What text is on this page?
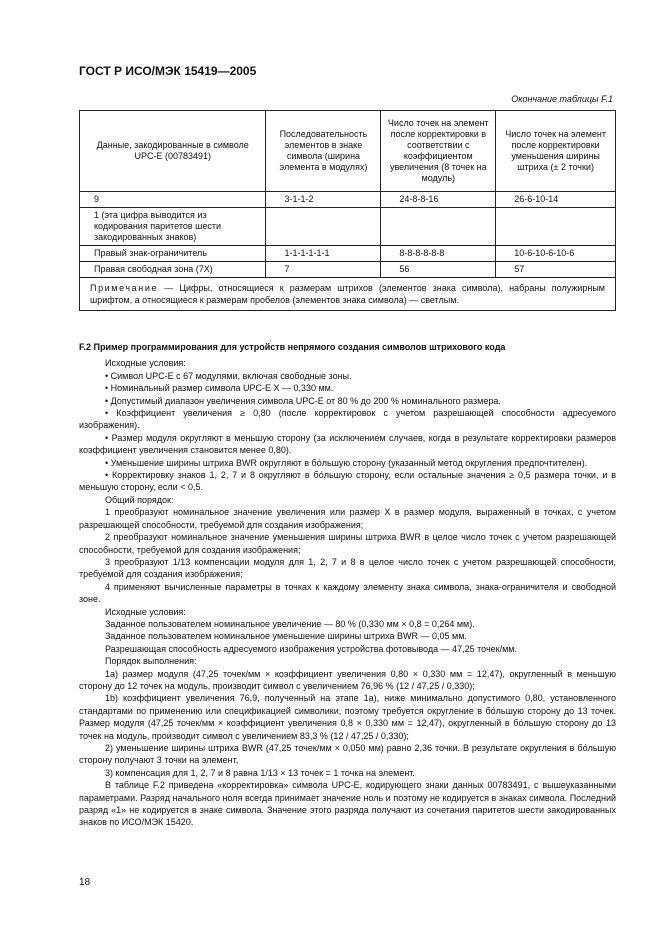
ГОСТ Р ИСО/МЭК 15419—2005
Окончание таблицы F.1
Данные, закодированные в символе UPC-E (00783491)	Последовательность элементов в знаке символа (ширина элемента в модулях)	Число точек на элемент после корректировки в соответствии с коэффициентом увеличения (8 точек на модуль)	Число точек на элемент после корректировки уменьшения ширины штриха (± 2 точки)
9	3-1-1-2	24-8-8-16	26-6-10-14
1 (эта цифра выводится из кодирования паритетов шести закодированных знаков)			
Правый знак-ограничитель	1-1-1-1-1-1	8-8-8-8-8-8	10-6-10-6-10-6
Правая свободная зона (7X)	7	56	57
Примечание — Цифры, относящиеся к размерам штрихов (элементов знака символа), набраны полужирным шрифтом, а относящиеся к размерам пробелов (элементов знака символа) — светлым.			

F.2 Пример программирования для устройств непрямого создания символов штрихового кода

Исходные условия:

• Символ UPC-E с 67 модулями, включая свободные зоны.

• Номинальный размер символа UPC-E X — 0,330 мм.

• Допустимый диапазон увеличения символа UPC-E от 80 % до 200 % номинального размера.

• Коэффициент увеличения ≥ 0,80 (после корректировок с учетом разрешающей способности адресуемого изображения).

• Размер модуля округляют в меньшую сторону (за исключением случаев, когда в результате корректировки размеров коэффициент увеличения становится менее 0,80).

• Уменьшение ширины штриха BWR округляют в бо́льшую сторону (указанный метод округления предпочтителен).

• Корректировку знаков 1, 2, 7 и 8 округляют в бо́льшую сторону, если остальные значения ≥ 0,5 размера точки, и в меньшую сторону, если < 0,5.

Общий порядок:

1 преобразуют номинальное значение увеличения или размер X в размер модуля, выраженный в точках, с учетом разрешающей способности, требуемой для создания изображения;

2 преобразуют номинальное значение уменьшения ширины штриха BWR в целое число точек с учетом разрешающей способности, требуемой для создания изображения;

3 преобразуют 1/13 компенсации модуля для 1, 2, 7 и 8 в целое число точек с учетом разрешающей способности, требуемой для создания изображения;

4 применяют вычисленные параметры в точках к каждому элементу знака символа, знака-ограничителя и свободной зоне.

Исходные условия:

Заданное пользователем номинальное увеличение — 80 % (0,330 мм × 0,8 = 0,264 мм).

Заданное пользователем номинальное уменьшение ширины штриха BWR — 0,05 мм.

Разрешающая способность адресуемого изображения устройства фотовывода — 47,25 точек/мм.

Порядок выполнения:

1а) размер модуля (47,25 точек/мм × коэффициент увеличения 0,80 × 0,330 мм = 12,47), округленный в меньшую сторону до 12 точек на модуль, производит символ с увеличением 76,96 % (12 / 47,25 / 0,330);

1b) коэффициент увеличения 76,9, полученный на этапе 1а), ниже минимально допустимого 0,80, установленного стандартами по применению или спецификацией символики, поэтому требуется округление в бо́льшую сторону до 13 точек. Размер модуля (47,25 точек/мм × коэффициент увеличения 0,8 × 0,330 мм = 12,47), округленный в бо́льшую сторону до 13 точек на модуль, производит символ с увеличением 83,3 % (12 / 47,25 / 0,330);

2) уменьшение ширины штриха BWR (47,25 точек/мм × 0,050 мм) равно 2,36 точки. В результате округления в бо́льшую сторону получают 3 точки на элемент,

3) компенсация для 1, 2, 7 и 8 равна 1/13 × 13 точек = 1 точка на элемент.

В таблице F.2 приведена «корректировка» символа UPC-E, кодирующего знаки данных 00783491, с вышеуказанными параметрами. Разряд начального ноля всегда принимает значение ноль и поэтому не кодируется в знаках символа. Последний разряд «1» не кодируется в знаке символа. Значение этого разряда получают из сочетания паритетов шести закодированных знаков по ИСО/МЭК 15420.

18
